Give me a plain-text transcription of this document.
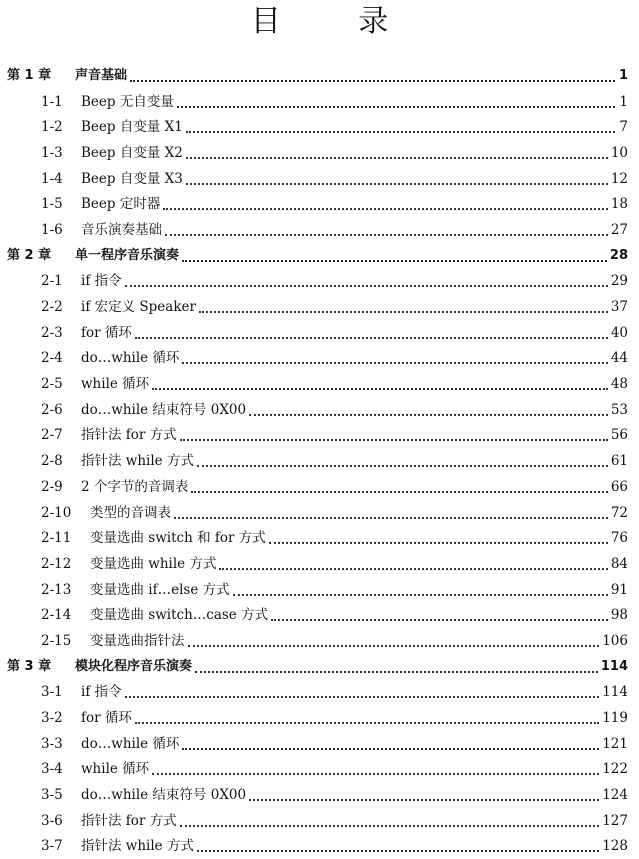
目 录
第 1 章	声音基础	1
1-1	Beep 无自变量	1
1-2	Beep 自变量 X1	7
1-3	Beep 自变量 X2	10
1-4	Beep 自变量 X3	12
1-5	Beep 定时器	18
1-6	音乐演奏基础	27
第 2 章	单一程序音乐演奏	28
2-1	if 指令	29
2-2	if 宏定义 Speaker	37
2-3	for 循环	40
2-4	do…while 循环	44
2-5	while 循环	48
2-6	do…while 结束符号 0X00	53
2-7	指针法 for 方式	56
2-8	指针法 while 方式	61
2-9	2 个字节的音调表	66
2-10	类型的音调表	72
2-11	变量选曲 switch 和 for 方式	76
2-12	变量选曲 while 方式	84
2-13	变量选曲 if…else 方式	91
2-14	变量选曲 switch…case 方式	98
2-15	变量选曲指针法	106
第 3 章	模块化程序音乐演奏	114
3-1	if 指令	114
3-2	for 循环	119
3-3	do…while 循环	121
3-4	while 循环	122
3-5	do…while 结束符号 0X00	124
3-6	指针法 for 方式	127
3-7	指针法 while 方式	128
